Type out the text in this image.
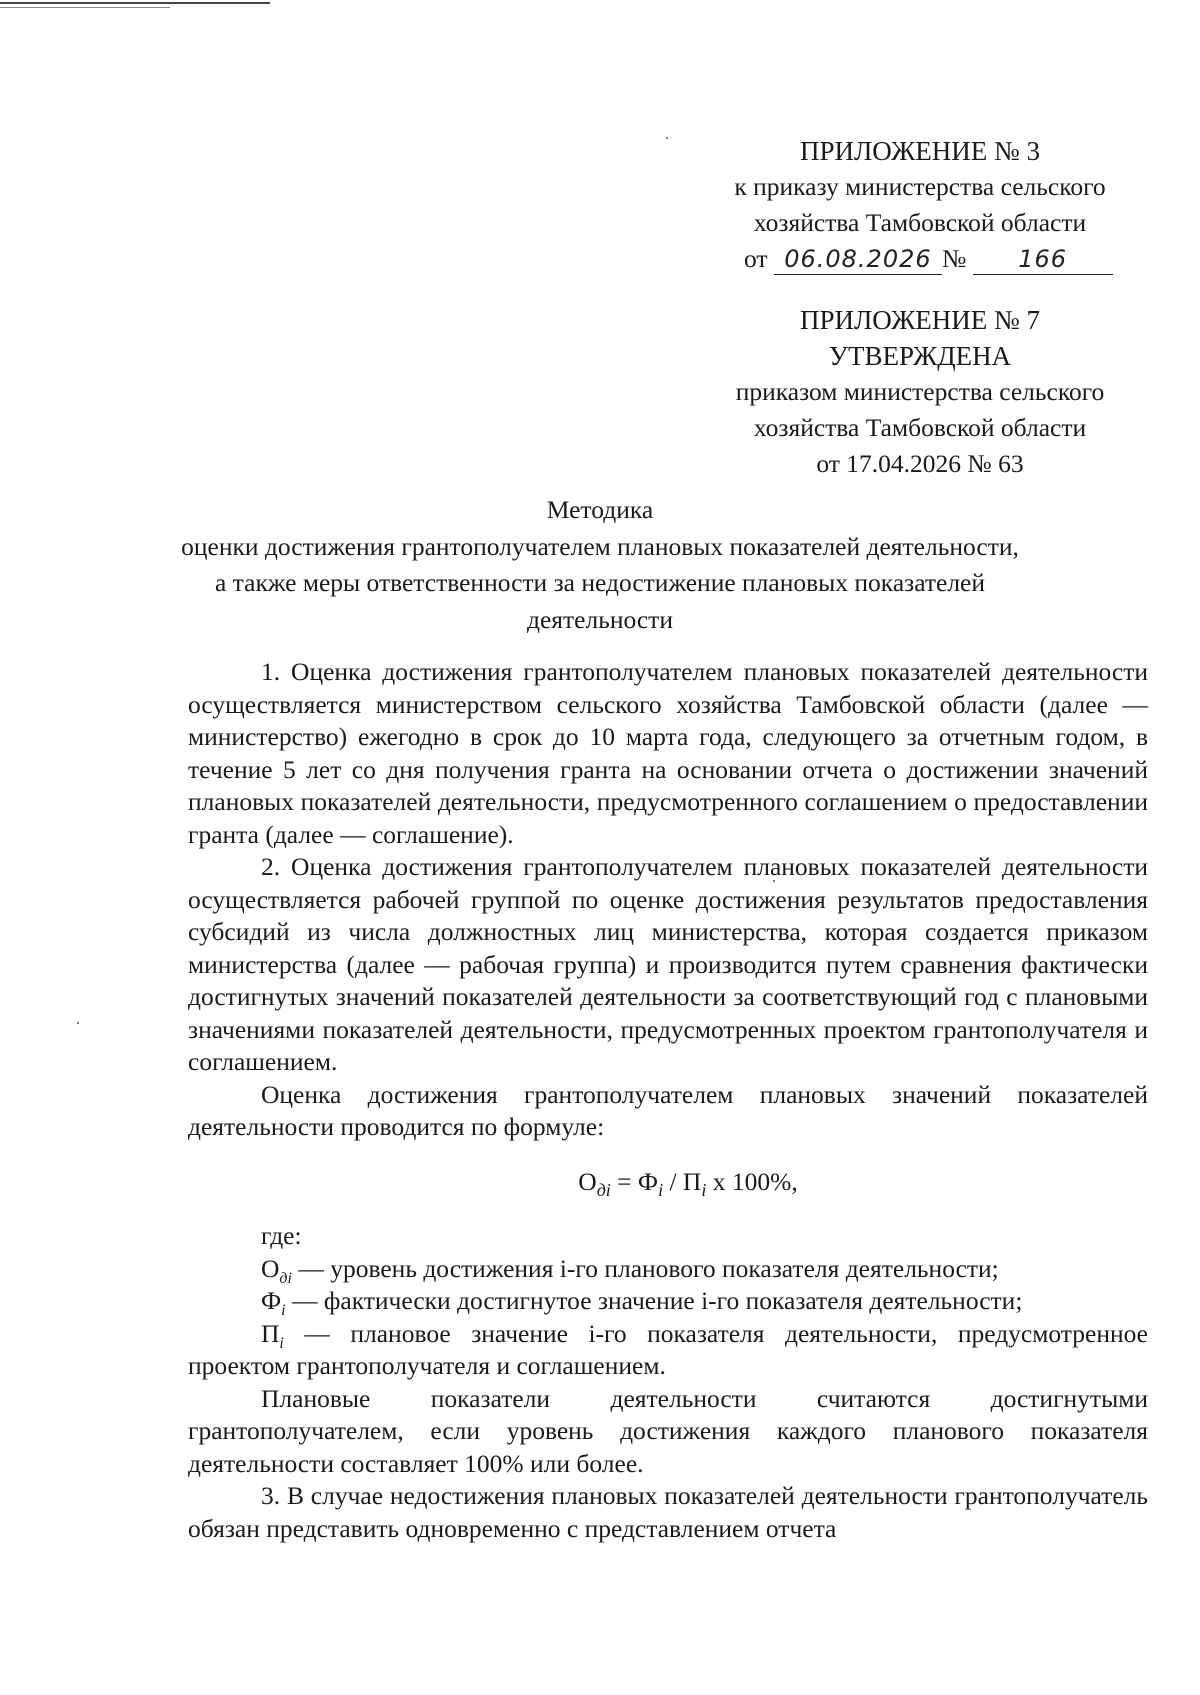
ПРИЛОЖЕНИЕ № 3
к приказу министерства сельского
хозяйства Тамбовской области
от 06.08.2026 № 166
ПРИЛОЖЕНИЕ № 7
УТВЕРЖДЕНА
приказом министерства сельского
хозяйства Тамбовской области
от 17.04.2026 № 63
Методика
оценки достижения грантополучателем плановых показателей деятельности,
а также меры ответственности за недостижение плановых показателей
деятельности

1. Оценка достижения грантополучателем плановых показателей деятельности осуществляется министерством сельского хозяйства Тамбовской области (далее — министерство) ежегодно в срок до 10 марта года, следующего за отчетным годом, в течение 5 лет со дня получения гранта на основании отчета о достижении значений плановых показателей деятельности, предусмотренного соглашением о предоставлении гранта (далее — соглашение).

2. Оценка достижения грантополучателем плановых показателей деятельности осуществляется рабочей группой по оценке достижения результатов предоставления субсидий из числа должностных лиц министерства, которая создается приказом министерства (далее — рабочая группа) и производится путем сравнения фактически достигнутых значений показателей деятельности за соответствующий год с плановыми значениями показателей деятельности, предусмотренных проектом грантополучателя и соглашением.

Оценка достижения грантополучателем плановых значений показателей деятельности проводится по формуле:

$O_{дi} = Ф_i / П_i$ x 100%,

где:

$О_{дi}$ — уровень достижения i-го планового показателя деятельности;

$Ф_i$ — фактически достигнутое значение i-го показателя деятельности;

$П_i$ — плановое значение i-го показателя деятельности, предусмотренное проектом грантополучателя и соглашением.

Плановые показатели деятельности считаются достигнутыми грантополучателем, если уровень достижения каждого планового показателя деятельности составляет 100% или более.

3. В случае недостижения плановых показателей деятельности грантополучатель обязан представить одновременно с представлением отчета
